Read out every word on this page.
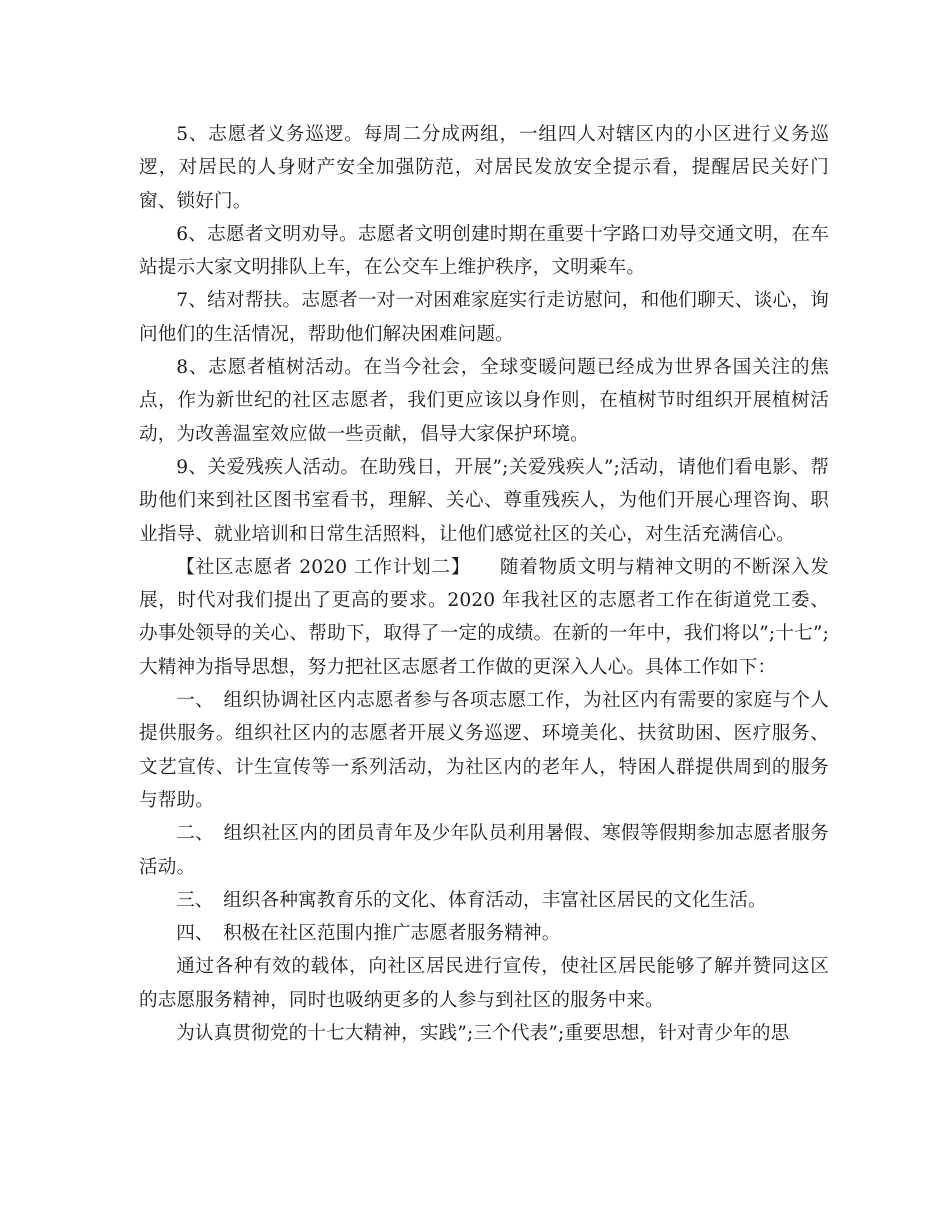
5、志愿者义务巡逻。每周二分成两组，一组四人对辖区内的小区进行义务巡逻，对居民的人身财产安全加强防范，对居民发放安全提示看，提醒居民关好门窗、锁好门。

6、志愿者文明劝导。志愿者文明创建时期在重要十字路口劝导交通文明，在车站提示大家文明排队上车，在公交车上维护秩序，文明乘车。

7、结对帮扶。志愿者一对一对困难家庭实行走访慰问，和他们聊天、谈心，询问他们的生活情况，帮助他们解决困难问题。

8、志愿者植树活动。在当今社会，全球变暖问题已经成为世界各国关注的焦点，作为新世纪的社区志愿者，我们更应该以身作则，在植树节时组织开展植树活动，为改善温室效应做一些贡献，倡导大家保护环境。

9、关爱残疾人活动。在助残日，开展”;关爱残疾人”;活动，请他们看电影、帮助他们来到社区图书室看书，理解、关心、尊重残疾人，为他们开展心理咨询、职业指导、就业培训和日常生活照料，让他们感觉社区的关心，对生活充满信心。

【社区志愿者 2020 工作计划二】　　随着物质文明与精神文明的不断深入发展，时代对我们提出了更高的要求。2020 年我社区的志愿者工作在街道党工委、办事处领导的关心、帮助下，取得了一定的成绩。在新的一年中，我们将以”;十七”;大精神为指导思想，努力把社区志愿者工作做的更深入人心。具体工作如下：

一、　组织协调社区内志愿者参与各项志愿工作，为社区内有需要的家庭与个人提供服务。组织社区内的志愿者开展义务巡逻、环境美化、扶贫助困、医疗服务、文艺宣传、计生宣传等一系列活动，为社区内的老年人，特困人群提供周到的服务与帮助。

二、　组织社区内的团员青年及少年队员利用暑假、寒假等假期参加志愿者服务活动。

三、　组织各种寓教育乐的文化、体育活动，丰富社区居民的文化生活。

四、　积极在社区范围内推广志愿者服务精神。

通过各种有效的载体，向社区居民进行宣传，使社区居民能够了解并赞同这区的志愿服务精神，同时也吸纳更多的人参与到社区的服务中来。

为认真贯彻党的十七大精神，实践”;三个代表”;重要思想，针对青少年的思
